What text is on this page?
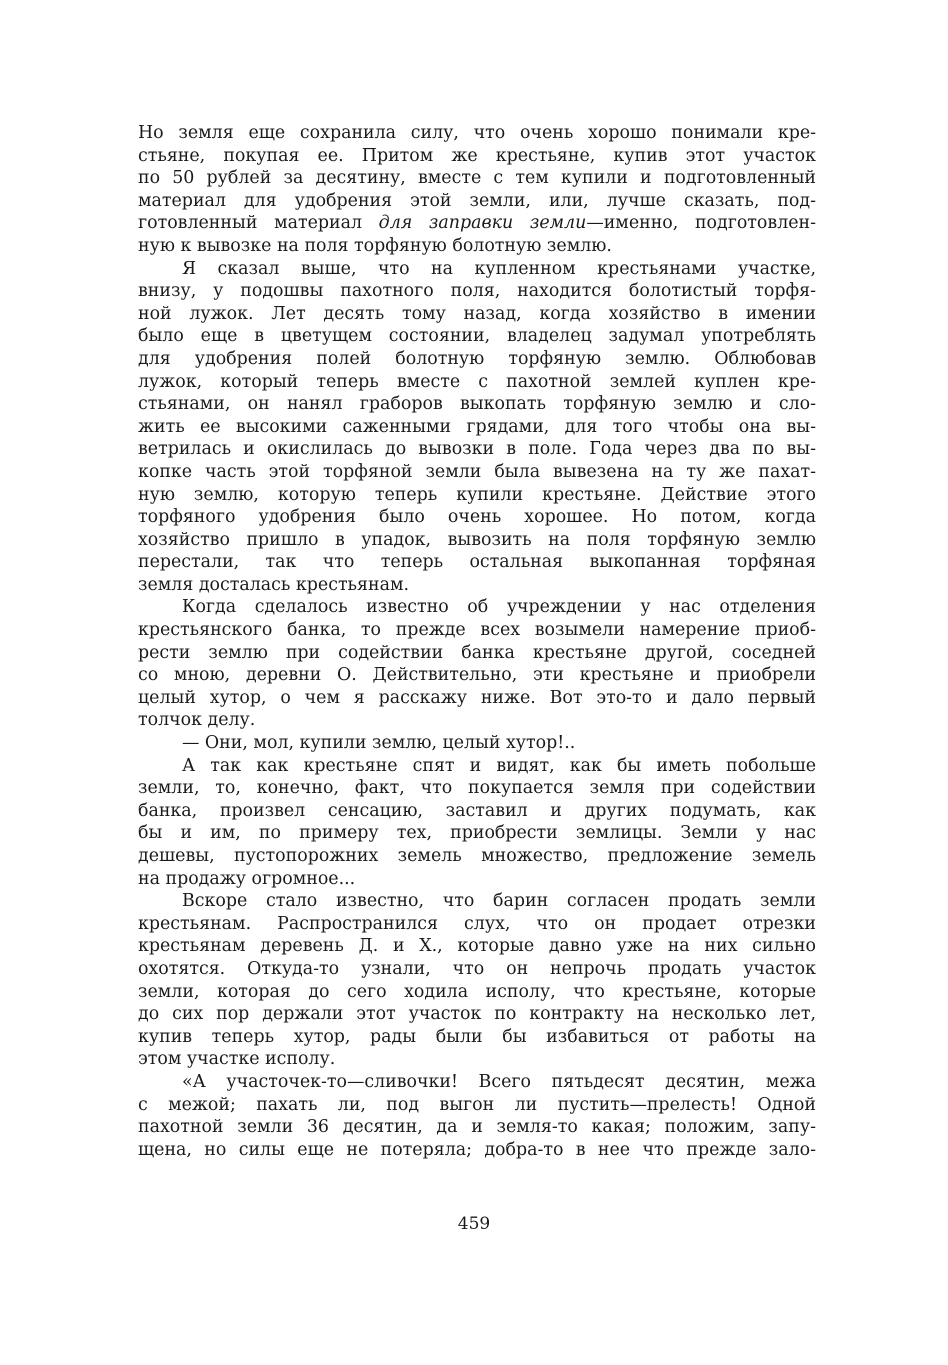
Но земля еще сохранила силу, что очень хорошо понимали кре-
стьяне, покупая ее. Притом же крестьяне, купив этот участок
по 50 рублей за десятину, вместе с тем купили и подготовленный
материал для удобрения этой земли, или, лучше сказать, под-
готовленный материал для заправки земли—именно, подготовлен-
ную к вывозке на поля торфяную болотную землю.
Я сказал выше, что на купленном крестьянами участке,
внизу, у подошвы пахотного поля, находится болотистый торфя-
ной лужок. Лет десять тому назад, когда хозяйство в имении
было еще в цветущем состоянии, владелец задумал употреблять
для удобрения полей болотную торфяную землю. Облюбовав
лужок, который теперь вместе с пахотной землей куплен кре-
стьянами, он нанял граборов выкопать торфяную землю и сло-
жить ее высокими саженными грядами, для того чтобы она вы-
ветрилась и окислилась до вывозки в поле. Года через два по вы-
копке часть этой торфяной земли была вывезена на ту же пахат-
ную землю, которую теперь купили крестьяне. Действие этого
торфяного удобрения было очень хорошее. Но потом, когда
хозяйство пришло в упадок, вывозить на поля торфяную землю
перестали, так что теперь остальная выкопанная торфяная
земля досталась крестьянам.
Когда сделалось известно об учреждении у нас отделения
крестьянского банка, то прежде всех возымели намерение приоб-
рести землю при содействии банка крестьяне другой, соседней
со мною, деревни О. Действительно, эти крестьяне и приобрели
целый хутор, о чем я расскажу ниже. Вот это-то и дало первый
толчок делу.
— Они, мол, купили землю, целый хутор!..
А так как крестьяне спят и видят, как бы иметь побольше
земли, то, конечно, факт, что покупается земля при содействии
банка, произвел сенсацию, заставил и других подумать, как
бы и им, по примеру тех, приобрести землицы. Земли у нас
дешевы, пустопорожних земель множество, предложение земель
на продажу огромное...
Вскоре стало известно, что барин согласен продать земли
крестьянам. Распространился слух, что он продает отрезки
крестьянам деревень Д. и Х., которые давно уже на них сильно
охотятся. Откуда-то узнали, что он непрочь продать участок
земли, которая до сего ходила исполу, что крестьяне, которые
до сих пор держали этот участок по контракту на несколько лет,
купив теперь хутор, рады были бы избавиться от работы на
этом участке исполу.
«А участочек-то—сливочки! Всего пятьдесят десятин, межа
с межой; пахать ли, под выгон ли пустить—прелесть! Одной
пахотной земли 36 десятин, да и земля-то какая; положим, запу-
щена, но силы еще не потеряла; добра-то в нее что прежде зало-
459
